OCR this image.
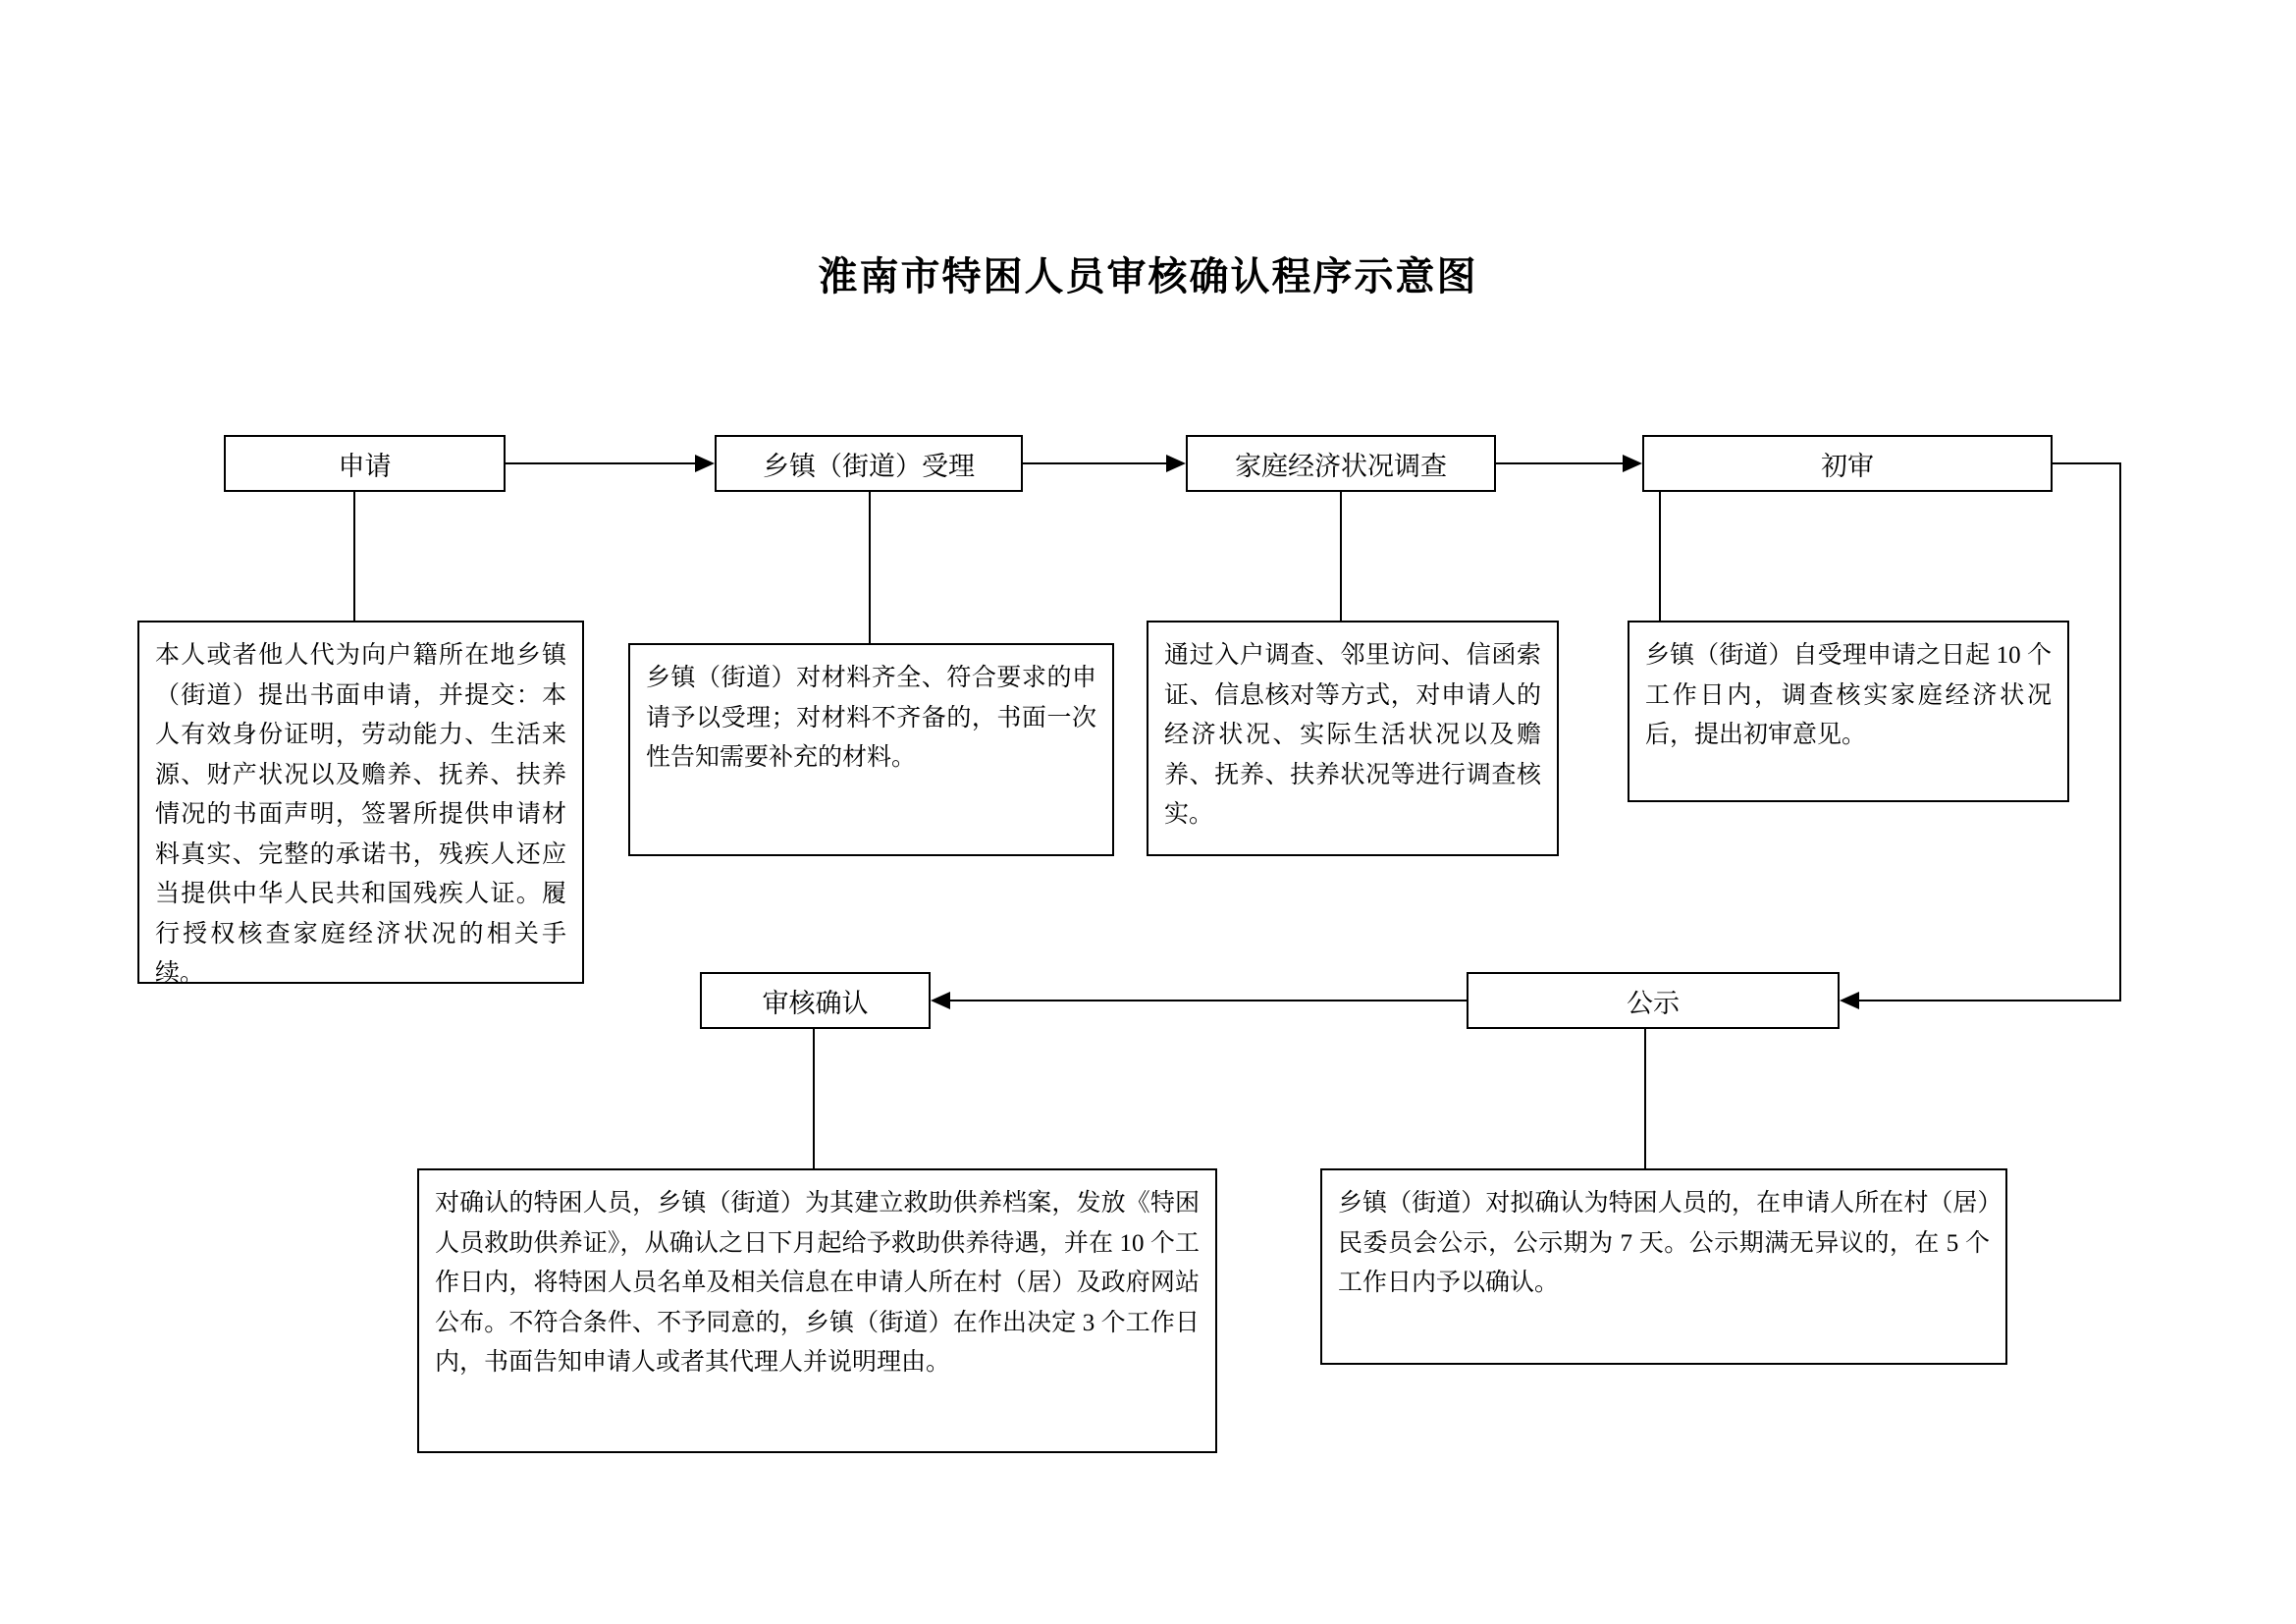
淮南市特困人员审核确认程序示意图
申请	乡镇（街道）受理	家庭经济状况调查	初审
审核确认	公示
本人或者他人代为向户籍所在地乡镇（街道）提出书面申请，并提交：本人有效身份证明，劳动能力、生活来源、财产状况以及赡养、抚养、扶养情况的书面声明，签署所提供申请材料真实、完整的承诺书，残疾人还应当提供中华人民共和国残疾人证。履行授权核查家庭经济状况的相关手续。
乡镇（街道）对材料齐全、符合要求的申请予以受理；对材料不齐备的，书面一次性告知需要补充的材料。
通过入户调查、邻里访问、信函索证、信息核对等方式，对申请人的经济状况、实际生活状况以及赡养、抚养、扶养状况等进行调查核实。
乡镇（街道）自受理申请之日起 10 个工作日内，调查核实家庭经济状况后，提出初审意见。
对确认的特困人员，乡镇（街道）为其建立救助供养档案，发放《特困人员救助供养证》，从确认之日下月起给予救助供养待遇，并在 10 个工作日内，将特困人员名单及相关信息在申请人所在村（居）及政府网站公布。不符合条件、不予同意的，乡镇（街道）在作出决定 3 个工作日内，书面告知申请人或者其代理人并说明理由。
乡镇（街道）对拟确认为特困人员的，在申请人所在村（居）民委员会公示，公示期为 7 天。公示期满无异议的，在 5 个工作日内予以确认。
